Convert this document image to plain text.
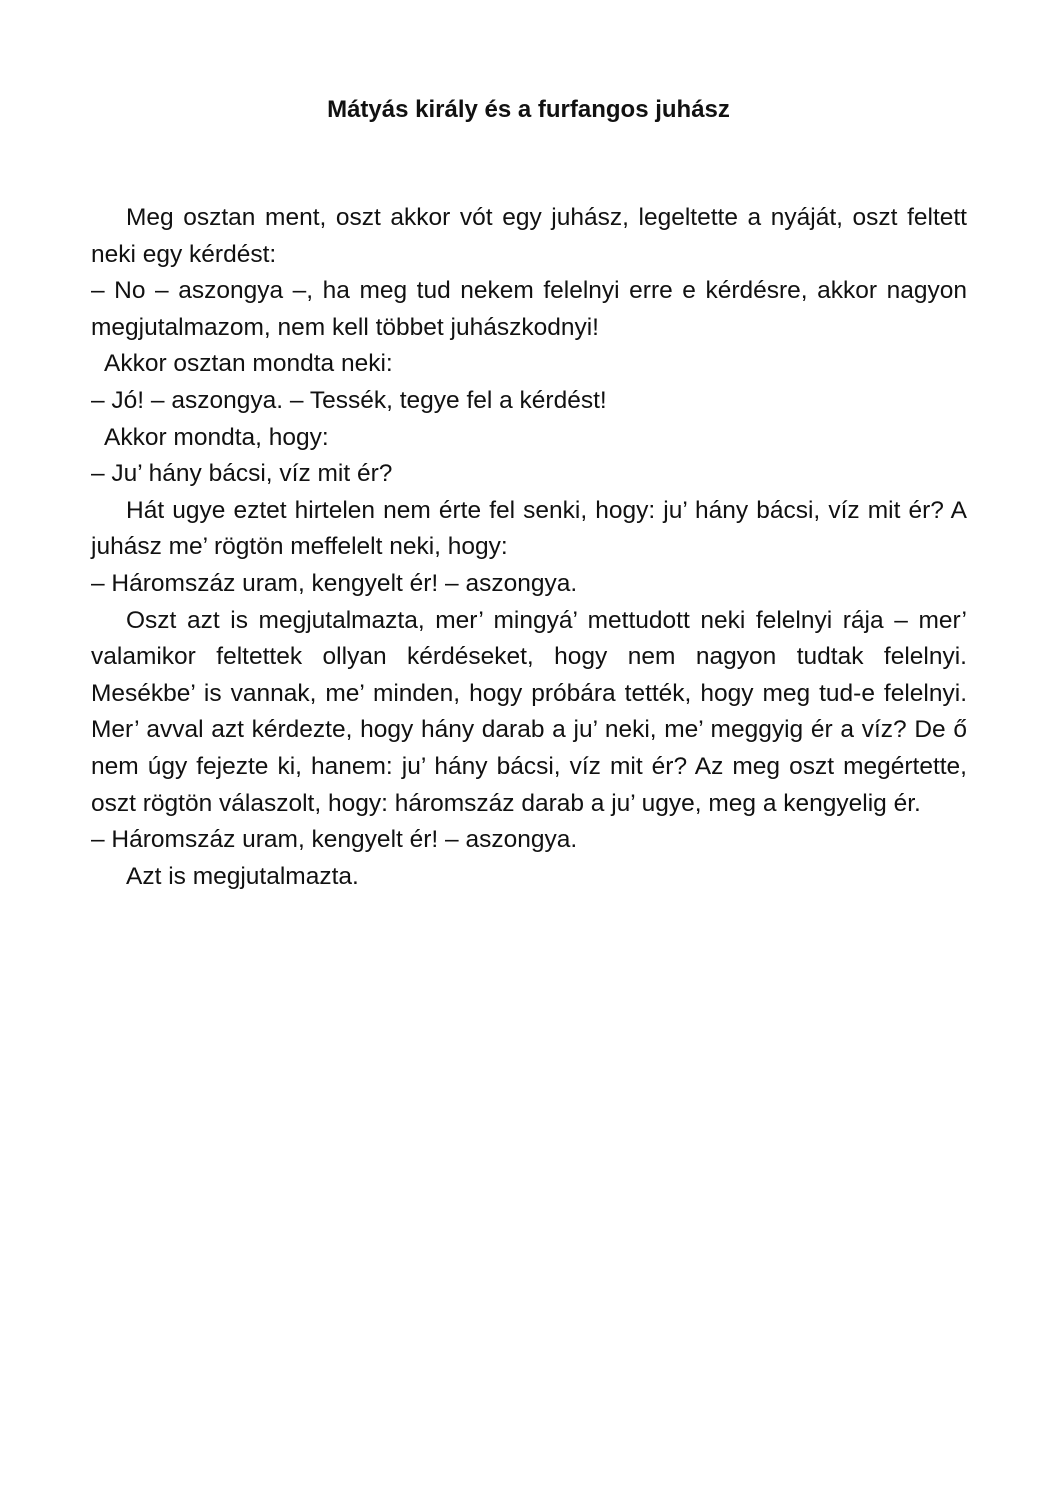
Mátyás király és a furfangos juhász

Meg osztan ment, oszt akkor vót egy juhász, legeltette a nyáját, oszt feltett neki egy kérdést:

– No – aszongya –, ha meg tud nekem felelnyi erre e kérdésre, akkor nagyon megjutalmazom, nem kell többet juhászkodnyi!

Akkor osztan mondta neki:

– Jó! – aszongya. – Tessék, tegye fel a kérdést!

Akkor mondta, hogy:

– Ju’ hány bácsi, víz mit ér?

Hát ugye eztet hirtelen nem érte fel senki, hogy: ju’ hány bácsi, víz mit ér? A juhász me’ rögtön meffelelt neki, hogy:

– Háromszáz uram, kengyelt ér! – aszongya.

Oszt azt is megjutalmazta, mer’ mingyá’ mettudott neki felelnyi rája – mer’ valamikor feltettek ollyan kérdéseket, hogy nem nagyon tudtak felelnyi. Mesékbe’ is vannak, me’ minden, hogy próbára tették, hogy meg tud-e felelnyi. Mer’ avval azt kérdezte, hogy hány darab a ju’ neki, me’ meggyig ér a víz? De ő nem úgy fejezte ki, hanem: ju’ hány bácsi, víz mit ér? Az meg oszt megértette, oszt rögtön válaszolt, hogy: háromszáz darab a ju’ ugye, meg a kengyelig ér.

– Háromszáz uram, kengyelt ér! – aszongya.

Azt is megjutalmazta.
